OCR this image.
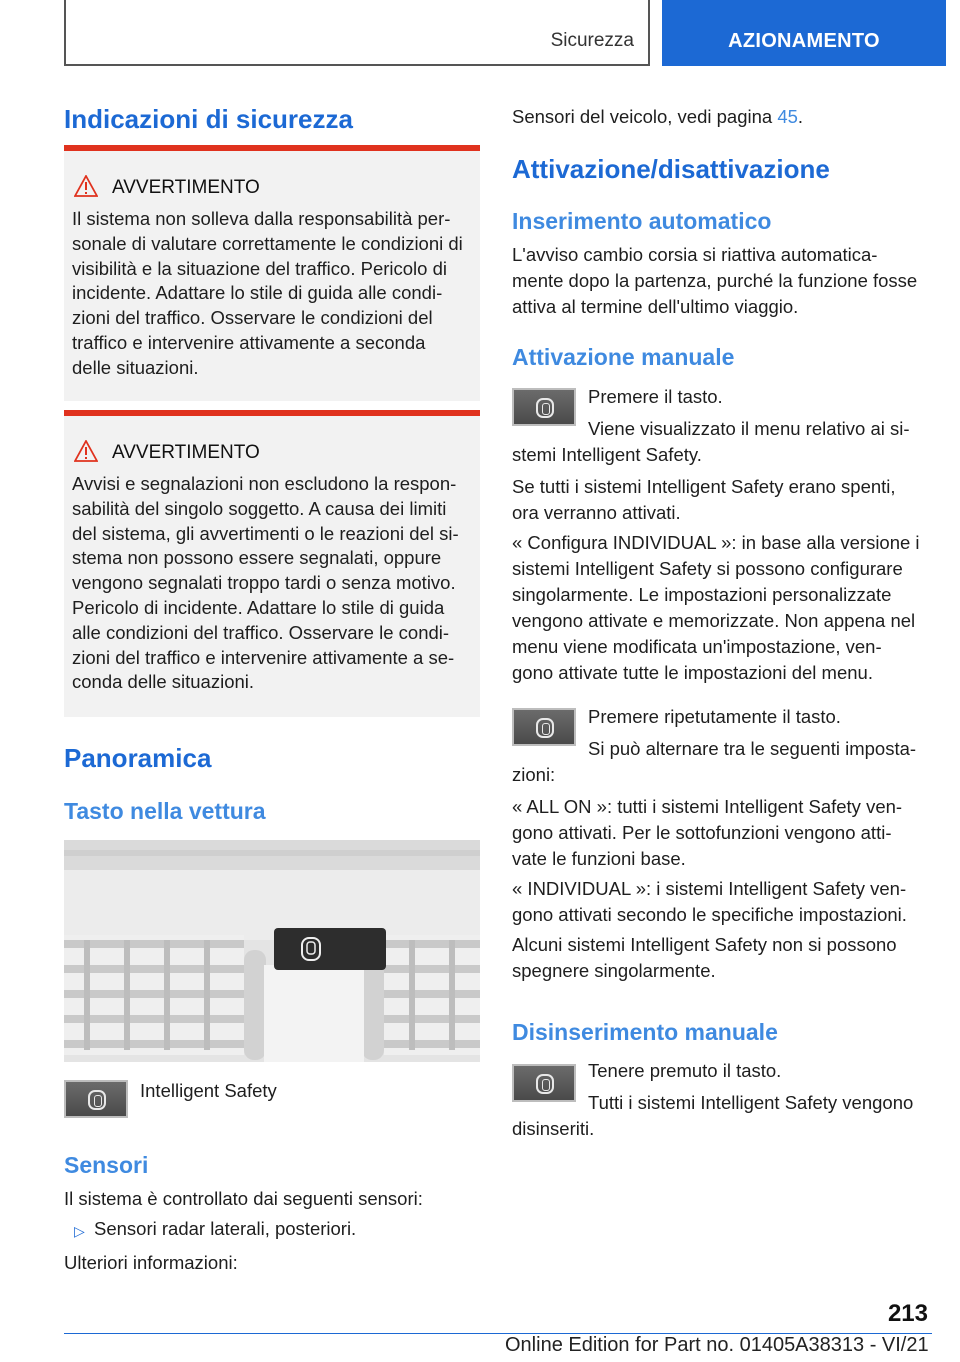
Sicurezza	AZIONAMENTO
Indicazioni di sicurezza
AVVERTIMENTO
Il sistema non solleva dalla responsabilità per-
sonale di valutare correttamente le condizioni di
visibilità e la situazione del traffico. Pericolo di
incidente. Adattare lo stile di guida alle condi-
zioni del traffico. Osservare le condizioni del
traffico e intervenire attivamente a seconda
delle situazioni.
AVVERTIMENTO
Avvisi e segnalazioni non escludono la respon-
sabilità del singolo soggetto. A causa dei limiti
del sistema, gli avvertimenti o le reazioni del si-
stema non possono essere segnalati, oppure
vengono segnalati troppo tardi o senza motivo.
Pericolo di incidente. Adattare lo stile di guida
alle condizioni del traffico. Osservare le condi-
zioni del traffico e intervenire attivamente a se-
conda delle situazioni.
Panoramica
Tasto nella vettura
Intelligent Safety
Sensori
Il sistema è controllato dai seguenti sensori:
▷ Sensori radar laterali, posteriori.
Ulteriori informazioni:
Sensori del veicolo, vedi pagina 45.
Attivazione/disattivazione
Inserimento automatico
L'avviso cambio corsia si riattiva automatica-
mente dopo la partenza, purché la funzione fosse
attiva al termine dell'ultimo viaggio.
Attivazione manuale
Premere il tasto.
Viene visualizzato il menu relativo ai si-
stemi Intelligent Safety.
Se tutti i sistemi Intelligent Safety erano spenti,
ora verranno attivati.
« Configura INDIVIDUAL »: in base alla versione i
sistemi Intelligent Safety si possono configurare
singolarmente. Le impostazioni personalizzate
vengono attivate e memorizzate. Non appena nel
menu viene modificata un'impostazione, ven-
gono attivate tutte le impostazioni del menu.
Premere ripetutamente il tasto.
Si può alternare tra le seguenti imposta-
zioni:
« ALL ON »: tutti i sistemi Intelligent Safety ven-
gono attivati. Per le sottofunzioni vengono atti-
vate le funzioni base.
« INDIVIDUAL »: i sistemi Intelligent Safety ven-
gono attivati secondo le specifiche impostazioni.
Alcuni sistemi Intelligent Safety non si possono
spegnere singolarmente.
Disinserimento manuale
Tenere premuto il tasto.
Tutti i sistemi Intelligent Safety vengono
disinseriti.
213
Online Edition for Part no. 01405A38313 - VI/21
